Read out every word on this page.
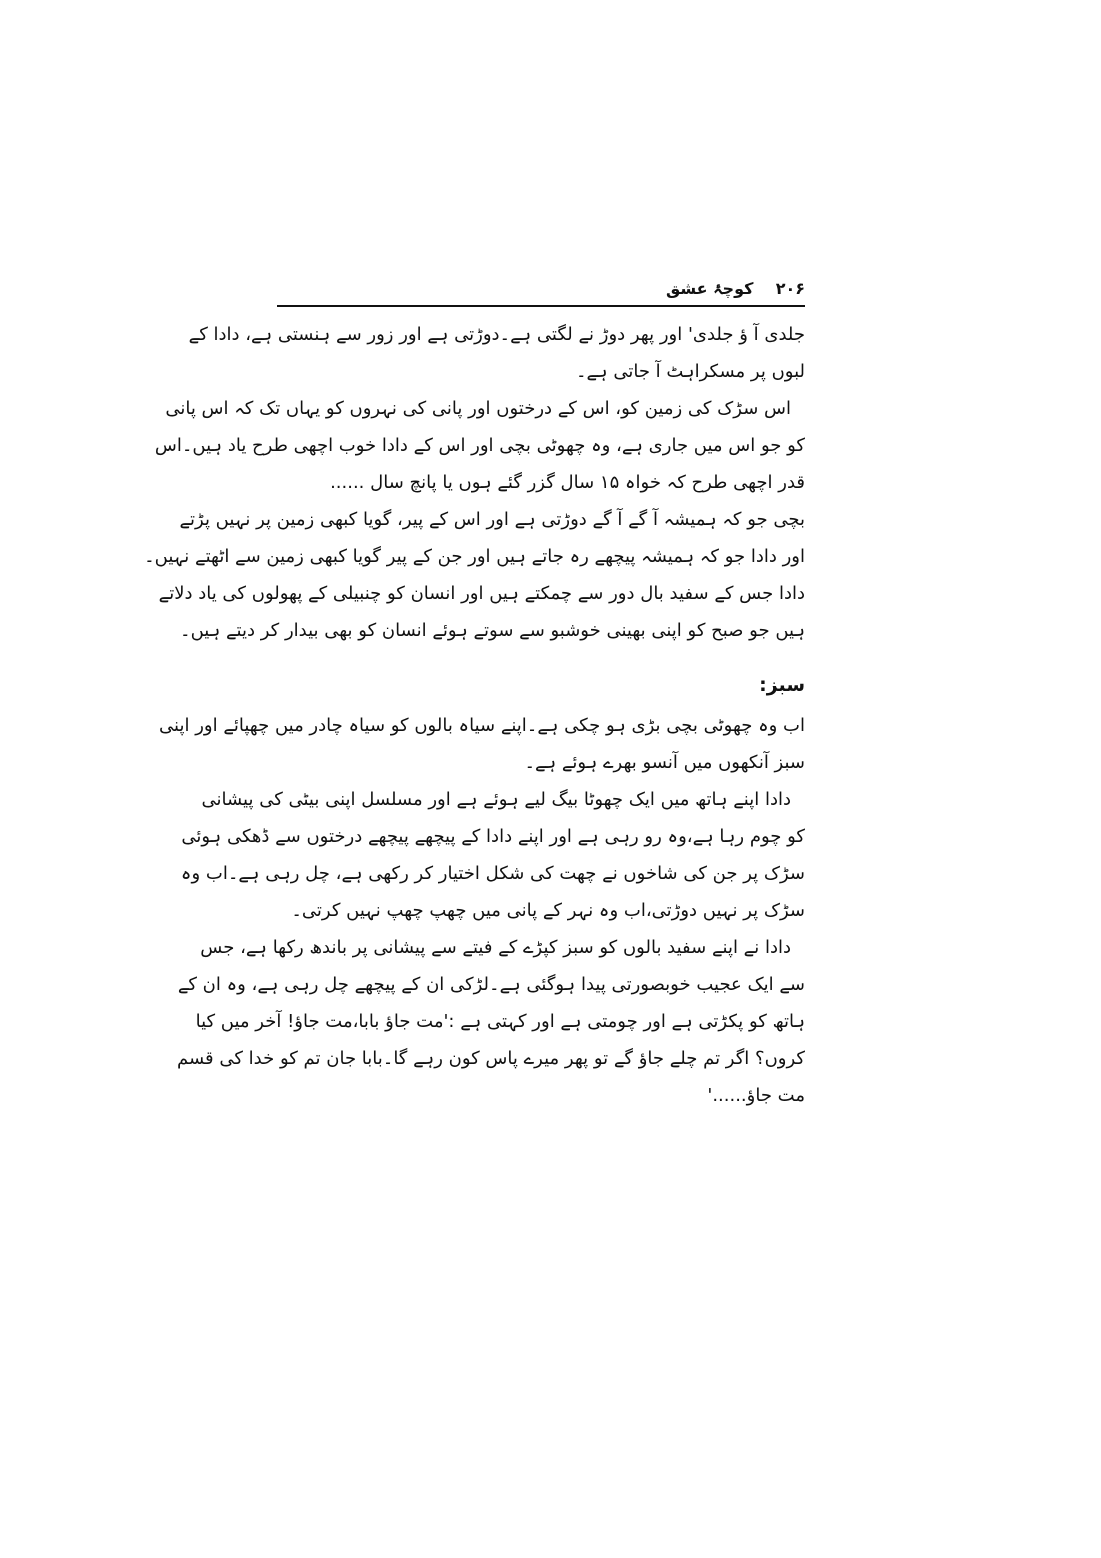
۲۰۶    کوچۂ عشق
جلدی آ ؤ جلدی' اور پھر دوڑ نے لگتی ہے۔دوڑتی ہے اور زور سے ہنستی ہے، دادا کے
لبوں پر مسکراہٹ آ جاتی ہے۔
اس سڑک کی زمین کو، اس کے درختوں اور پانی کی نہروں کو یہاں تک کہ اس پانی
کو جو اس میں جاری ہے، وہ چھوٹی بچی اور اس کے دادا خوب اچھی طرح یاد ہیں۔اس
قدر اچھی طرح کہ خواہ ۱۵ سال گزر گئے ہوں یا پانچ سال ......
بچی جو کہ ہمیشہ آ گے آ گے دوڑتی ہے اور اس کے پیر، گویا کبھی زمین پر نہیں پڑتے
اور دادا جو کہ ہمیشہ پیچھے رہ جاتے ہیں اور جن کے پیر گویا کبھی زمین سے اٹھتے نہیں۔
دادا جس کے سفید بال دور سے چمکتے ہیں اور انسان کو چنبیلی کے پھولوں کی یاد دلاتے
ہیں جو صبح کو اپنی بھینی خوشبو سے سوتے ہوئے انسان کو بھی بیدار کر دیتے ہیں۔
سبز:
اب وہ چھوٹی بچی بڑی ہو چکی ہے۔اپنے سیاہ بالوں کو سیاہ چادر میں چھپائے اور اپنی
سبز آنکھوں میں آنسو بھرے ہوئے ہے۔
دادا اپنے ہاتھ میں ایک چھوٹا بیگ لیے ہوئے ہے اور مسلسل اپنی بیٹی کی پیشانی
کو چوم رہا ہے،وہ رو رہی ہے اور اپنے دادا کے پیچھے پیچھے درختوں سے ڈھکی ہوئی
سڑک پر جن کی شاخوں نے چھت کی شکل اختیار کر رکھی ہے، چل رہی ہے۔اب وہ
سڑک پر نہیں دوڑتی،اب وہ نہر کے پانی میں چھپ چھپ نہیں کرتی۔
دادا نے اپنے سفید بالوں کو سبز کپڑے کے فیتے سے پیشانی پر باندھ رکھا ہے، جس
سے ایک عجیب خوبصورتی پیدا ہوگئی ہے۔لڑکی ان کے پیچھے چل رہی ہے، وہ ان کے
ہاتھ کو پکڑتی ہے اور چومتی ہے اور کہتی ہے :'مت جاؤ بابا،مت جاؤ! آخر میں کیا
کروں؟ اگر تم چلے جاؤ گے تو پھر میرے پاس کون رہے گا۔بابا جان تم کو خدا کی قسم
مت جاؤ......'
